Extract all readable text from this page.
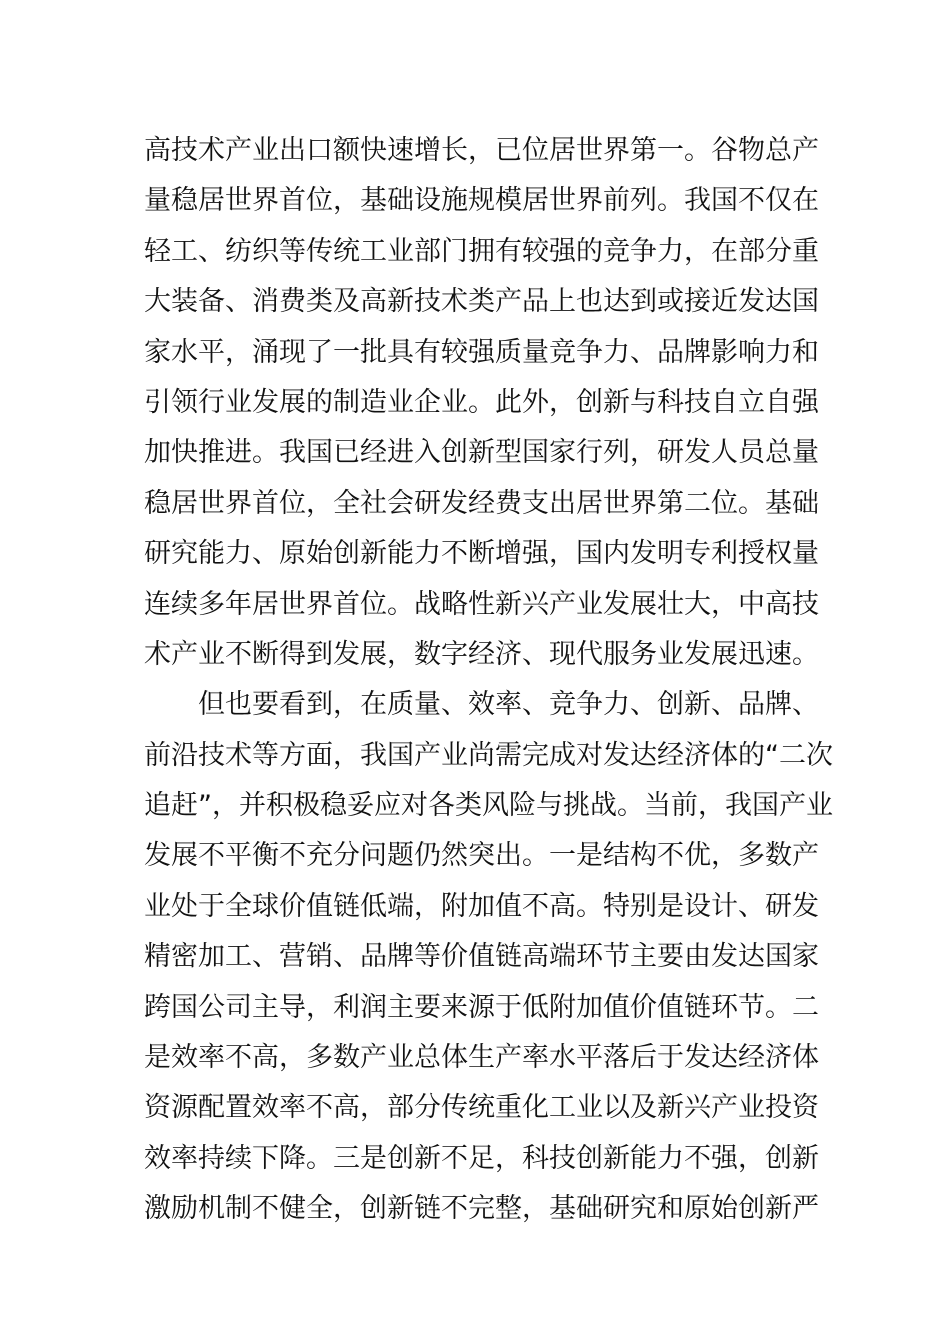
高技术产业出口额快速增长，已位居世界第一。谷物总产
量稳居世界首位，基础设施规模居世界前列。我国不仅在
轻工、纺织等传统工业部门拥有较强的竞争力，在部分重
大装备、消费类及高新技术类产品上也达到或接近发达国
家水平，涌现了一批具有较强质量竞争力、品牌影响力和
引领行业发展的制造业企业。此外，创新与科技自立自强
加快推进。我国已经进入创新型国家行列，研发人员总量
稳居世界首位，全社会研发经费支出居世界第二位。基础
研究能力、原始创新能力不断增强，国内发明专利授权量
连续多年居世界首位。战略性新兴产业发展壮大，中高技
术产业不断得到发展，数字经济、现代服务业发展迅速。
　　但也要看到，在质量、效率、竞争力、创新、品牌、
前沿技术等方面，我国产业尚需完成对发达经济体的“二次
追赶”，并积极稳妥应对各类风险与挑战。当前，我国产业
发展不平衡不充分问题仍然突出。一是结构不优，多数产
业处于全球价值链低端，附加值不高。特别是设计、研发
精密加工、营销、品牌等价值链高端环节主要由发达国家
跨国公司主导，利润主要来源于低附加值价值链环节。二
是效率不高，多数产业总体生产率水平落后于发达经济体
资源配置效率不高，部分传统重化工业以及新兴产业投资
效率持续下降。三是创新不足，科技创新能力不强，创新
激励机制不健全，创新链不完整，基础研究和原始创新严
